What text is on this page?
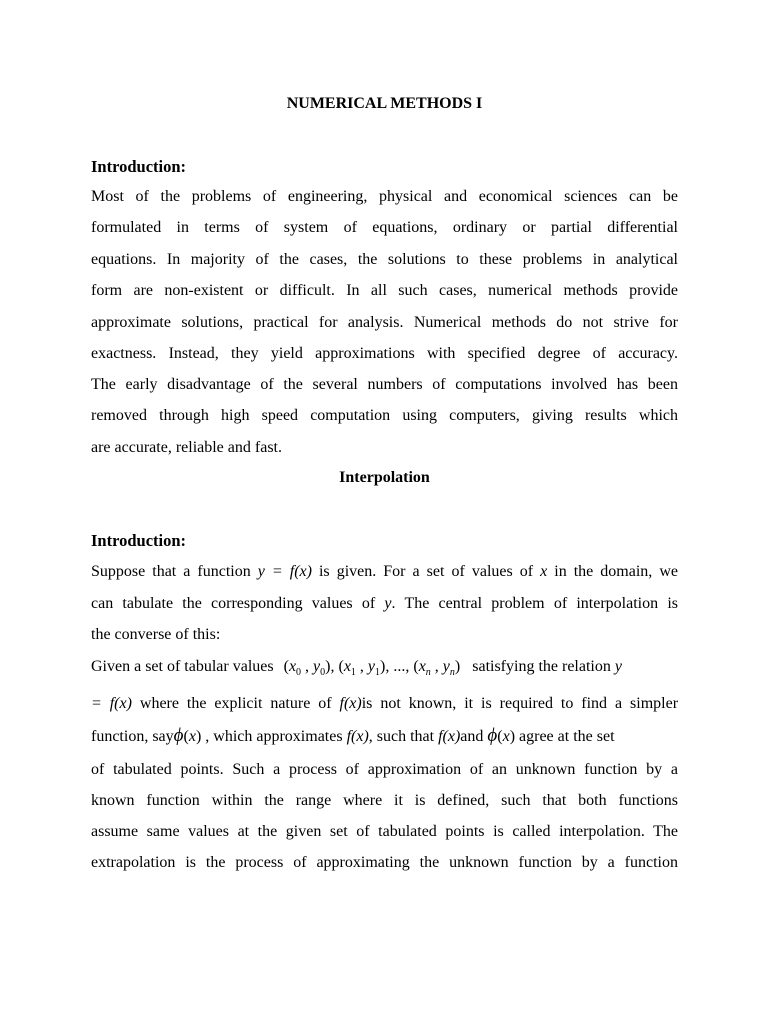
NUMERICAL METHODS I
Introduction:
Most of the problems of engineering, physical and economical sciences can be
formulated in terms of system of equations, ordinary or partial differential
equations. In majority of the cases, the solutions to these problems in analytical
form are non-existent or difficult. In all such cases, numerical methods provide
approximate solutions, practical for analysis. Numerical methods do not strive for
exactness. Instead, they yield approximations with specified degree of accuracy.
The early disadvantage of the several numbers of computations involved has been
removed through high speed computation using computers, giving results which
are accurate, reliable and fast.
Interpolation
Introduction:
Suppose that a function y = f(x) is given. For a set of values of x in the domain, we
can tabulate the corresponding values of y. The central problem of interpolation is
the converse of this:
Given a set of tabular values ($x_0$ , $y_0$), ($x_1$ , $y_1$), ..., ($x_n$ , $y_n$) satisfying the relation y
= f(x) where the explicit nature of f(x)is not known, it is required to find a simpler
function, sayϕ(x) , which approximates f(x), such that f(x)and ϕ(x) agree at the set
of tabulated points. Such a process of approximation of an unknown function by a
known function within the range where it is defined, such that both functions
assume same values at the given set of tabulated points is called interpolation. The
extrapolation is the process of approximating the unknown function by a function
